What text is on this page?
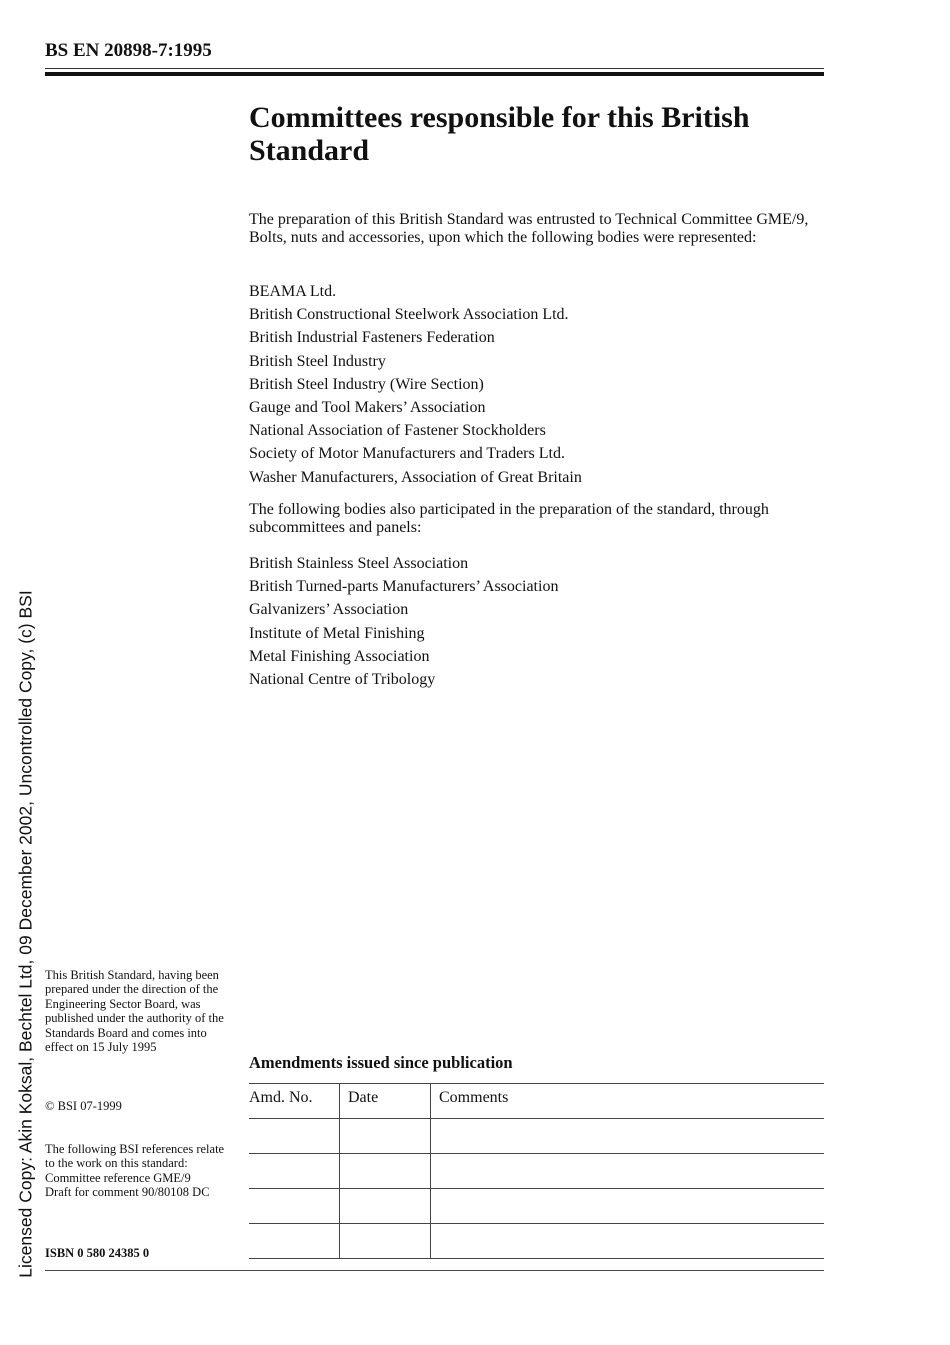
BS EN 20898-7:1995
Committees responsible for this British Standard
The preparation of this British Standard was entrusted to Technical Committee GME/9, Bolts, nuts and accessories, upon which the following bodies were represented:
BEAMA Ltd.
British Constructional Steelwork Association Ltd.
British Industrial Fasteners Federation
British Steel Industry
British Steel Industry (Wire Section)
Gauge and Tool Makers’ Association
National Association of Fastener Stockholders
Society of Motor Manufacturers and Traders Ltd.
Washer Manufacturers, Association of Great Britain
The following bodies also participated in the preparation of the standard, through subcommittees and panels:
British Stainless Steel Association
British Turned-parts Manufacturers’ Association
Galvanizers’ Association
Institute of Metal Finishing
Metal Finishing Association
National Centre of Tribology
This British Standard, having been prepared under the direction of the Engineering Sector Board, was published under the authority of the Standards Board and comes into effect on 15 July 1995
© BSI 07-1999
The following BSI references relate to the work on this standard:
Committee reference GME/9
Draft for comment 90/80108 DC
ISBN 0 580 24385 0
Amendments issued since publication
Amd. No.	Date	Comments

Licensed Copy: Akin Koksal, Bechtel Ltd, 09 December 2002, Uncontrolled Copy, (c) BSI
